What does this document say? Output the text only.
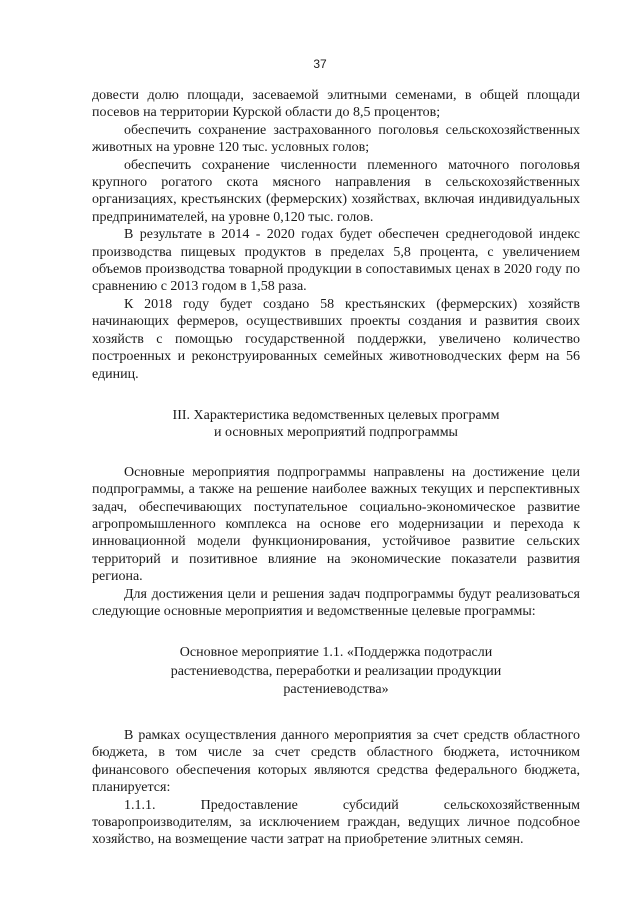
37

довести долю площади, засеваемой элитными семенами, в общей площади посевов на территории Курской области до 8,5 процентов;

обеспечить сохранение застрахованного поголовья сельскохозяйственных животных на уровне 120 тыс. условных голов;

обеспечить сохранение численности племенного маточного поголовья крупного рогатого скота мясного направления в сельскохозяйственных организациях, крестьянских (фермерских) хозяйствах, включая индивидуальных предпринимателей, на уровне 0,120 тыс. голов.

В результате в 2014 - 2020 годах будет обеспечен среднегодовой индекс производства пищевых продуктов в пределах 5,8 процента, с увеличением объемов производства товарной продукции в сопоставимых ценах в 2020 году по сравнению с 2013 годом в 1,58 раза.

К 2018 году будет создано 58 крестьянских (фермерских) хозяйств начинающих фермеров, осуществивших проекты создания и развития своих хозяйств с помощью государственной поддержки, увеличено количество построенных и реконструированных семейных животноводческих ферм на 56 единиц.

III. Характеристика ведомственных целевых программ
и основных мероприятий подпрограммы

Основные мероприятия подпрограммы направлены на достижение цели подпрограммы, а также на решение наиболее важных текущих и перспективных задач, обеспечивающих поступательное социально-экономическое развитие агропромышленного комплекса на основе его модернизации и перехода к инновационной модели функционирования, устойчивое развитие сельских территорий и позитивное влияние на экономические показатели развития региона.

Для достижения цели и решения задач подпрограммы будут реализоваться следующие основные мероприятия и ведомственные целевые программы:

Основное мероприятие 1.1. «Поддержка подотрасли
растениеводства, переработки и реализации продукции
растениеводства»

В рамках осуществления данного мероприятия за счет средств областного бюджета, в том числе за счет средств областного бюджета, источником финансового обеспечения которых являются средства федерального бюджета, планируется:

1.1.1. Предоставление субсидий сельскохозяйственным товаропроизводителям, за исключением граждан, ведущих личное подсобное хозяйство, на возмещение части затрат на приобретение элитных семян.
